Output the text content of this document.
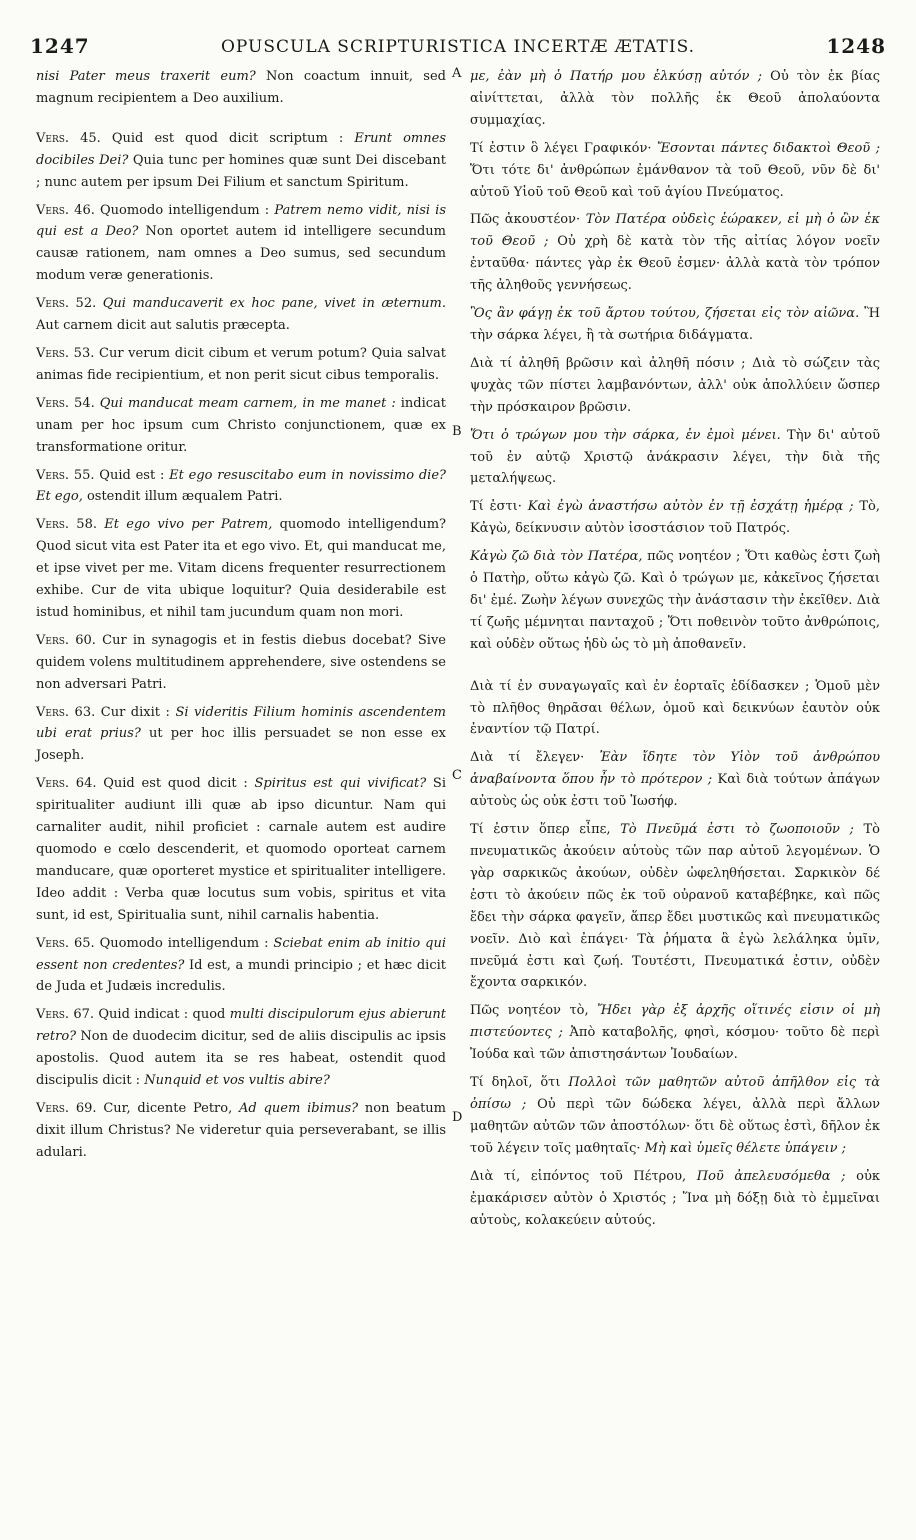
1247	OPUSCULA SCRIPTURISTICA INCERTÆ ÆTATIS.	1248
A
B
C
D

nisi Pater meus traxerit eum? Non coactum innuit, sed magnum recipientem a Deo auxilium.

Vers. 45. Quid est quod dicit scriptum : Erunt omnes docibiles Dei? Quia tunc per homines quæ sunt Dei discebant ; nunc autem per ipsum Dei Filium et sanctum Spiritum.

Vers. 46. Quomodo intelligendum : Patrem nemo vidit, nisi is qui est a Deo? Non oportet autem id intelligere secundum causæ rationem, nam omnes a Deo sumus, sed secundum modum veræ generationis.

Vers. 52. Qui manducaverit ex hoc pane, vivet in æternum. Aut carnem dicit aut salutis præcepta.

Vers. 53. Cur verum dicit cibum et verum potum? Quia salvat animas fide recipientium, et non perit sicut cibus temporalis.

Vers. 54. Qui manducat meam carnem, in me manet : indicat unam per hoc ipsum cum Christo conjunctionem, quæ ex transformatione oritur.

Vers. 55. Quid est : Et ego resuscitabo eum in novissimo die? Et ego, ostendit illum æqualem Patri.

Vers. 58. Et ego vivo per Patrem, quomodo intelligendum? Quod sicut vita est Pater ita et ego vivo. Et, qui manducat me, et ipse vivet per me. Vitam dicens frequenter resurrectionem exhibe. Cur de vita ubique loquitur? Quia desiderabile est istud hominibus, et nihil tam jucundum quam non mori.

Vers. 60. Cur in synagogis et in festis diebus docebat? Sive quidem volens multitudinem apprehendere, sive ostendens se non adversari Patri.

Vers. 63. Cur dixit : Si videritis Filium hominis ascendentem ubi erat prius? ut per hoc illis persuadet se non esse ex Joseph.

Vers. 64. Quid est quod dicit : Spiritus est qui vivificat? Si spiritualiter audiunt illi quæ ab ipso dicuntur. Nam qui carnaliter audit, nihil proficiet : carnale autem est audire quomodo e cœlo descenderit, et quomodo oporteat carnem manducare, quæ oporteret mystice et spiritualiter intelligere. Ideo addit : Verba quæ locutus sum vobis, spiritus et vita sunt, id est, Spiritualia sunt, nihil carnalis habentia.

Vers. 65. Quomodo intelligendum : Sciebat enim ab initio qui essent non credentes? Id est, a mundi principio ; et hæc dicit de Juda et Judæis incredulis.

Vers. 67. Quid indicat : quod multi discipulorum ejus abierunt retro? Non de duodecim dicitur, sed de aliis discipulis ac ipsis apostolis. Quod autem ita se res habeat, ostendit quod discipulis dicit : Nunquid et vos vultis abire?

Vers. 69. Cur, dicente Petro, Ad quem ibimus? non beatum dixit illum Christus? Ne videretur quia perseverabant, se illis adulari.

με, ἐὰν μὴ ὁ Πατήρ μου ἑλκύσῃ αὐτόν ; Οὐ τὸν ἐκ βίας αἰνίττεται, ἀλλὰ τὸν πολλῆς ἐκ Θεοῦ ἀπολαύοντα συμμαχίας.

Τί ἐστιν ὃ λέγει Γραφικόν· Ἔσονται πάντες διδακτοὶ Θεοῦ ; Ὅτι τότε δι' ἀνθρώπων ἐμάνθανον τὰ τοῦ Θεοῦ, νῦν δὲ δι' αὐτοῦ Υἱοῦ τοῦ Θεοῦ καὶ τοῦ ἁγίου Πνεύματος.

Πῶς ἀκουστέον· Τὸν Πατέρα οὐδεὶς ἑώρακεν, εἰ μὴ ὁ ὢν ἐκ τοῦ Θεοῦ ; Οὐ χρὴ δὲ κατὰ τὸν τῆς αἰτίας λόγον νοεῖν ἐνταῦθα· πάντες γὰρ ἐκ Θεοῦ ἐσμεν· ἀλλὰ κατὰ τὸν τρόπον τῆς ἀληθοῦς γεννήσεως.

Ὃς ἂν φάγῃ ἐκ τοῦ ἄρτου τούτου, ζήσεται εἰς τὸν αἰῶνα. Ἢ τὴν σάρκα λέγει, ἢ τὰ σωτήρια διδάγματα.

Διὰ τί ἀληθῆ βρῶσιν καὶ ἀληθῆ πόσιν ; Διὰ τὸ σώζειν τὰς ψυχὰς τῶν πίστει λαμβανόντων, ἀλλ' οὐκ ἀπολλύειν ὥσπερ τὴν πρόσκαιρον βρῶσιν.

Ὅτι ὁ τρώγων μου τὴν σάρκα, ἐν ἐμοὶ μένει. Τὴν δι' αὐτοῦ τοῦ ἐν αὐτῷ Χριστῷ ἀνάκρασιν λέγει, τὴν διὰ τῆς μεταλήψεως.

Τί ἐστι· Καὶ ἐγὼ ἀναστήσω αὐτὸν ἐν τῇ ἐσχάτῃ ἡμέρᾳ ; Τὸ, Κἀγὼ, δείκνυσιν αὐτὸν ἰσοστάσιον τοῦ Πατρός.

Κἀγὼ ζῶ διὰ τὸν Πατέρα, πῶς νοητέον ; Ὅτι καθὼς ἐστι ζωὴ ὁ Πατὴρ, οὕτω κἀγὼ ζῶ. Καὶ ὁ τρώγων με, κἀκεῖνος ζήσεται δι' ἐμέ. Ζωὴν λέγων συνεχῶς τὴν ἀνάστασιν τὴν ἐκεῖθεν. Διὰ τί ζωῆς μέμνηται πανταχοῦ ; Ὅτι ποθεινὸν τοῦτο ἀνθρώποις, καὶ οὐδὲν οὕτως ἡδὺ ὡς τὸ μὴ ἀποθανεῖν.

Διὰ τί ἐν συναγωγαῖς καὶ ἐν ἑορταῖς ἐδίδασκεν ; Ὁμοῦ μὲν τὸ πλῆθος θηρᾶσαι θέλων, ὁμοῦ καὶ δεικνύων ἑαυτὸν οὐκ ἐναντίον τῷ Πατρί.

Διὰ τί ἔλεγεν· Ἐὰν ἴδητε τὸν Υἱὸν τοῦ ἀνθρώπου ἀναβαίνοντα ὅπου ἦν τὸ πρότερον ; Καὶ διὰ τούτων ἀπάγων αὐτοὺς ὡς οὐκ ἐστι τοῦ Ἰωσήφ.

Τί ἐστιν ὅπερ εἶπε, Τὸ Πνεῦμά ἐστι τὸ ζωοποιοῦν ; Τὸ πνευματικῶς ἀκούειν αὐτοὺς τῶν παρ αὐτοῦ λεγομένων. Ὁ γὰρ σαρκικῶς ἀκούων, οὐδὲν ὠφεληθήσεται. Σαρκικὸν δέ ἐστι τὸ ἀκούειν πῶς ἐκ τοῦ οὐρανοῦ καταβέβηκε, καὶ πῶς ἔδει τὴν σάρκα φαγεῖν, ἅπερ ἔδει μυστικῶς καὶ πνευματικῶς νοεῖν. Διὸ καὶ ἐπάγει· Τὰ ῥήματα ἃ ἐγὼ λελάληκα ὑμῖν, πνεῦμά ἐστι καὶ ζωή. Τουτέστι, Πνευματικά ἐστιν, οὐδὲν ἔχοντα σαρκικόν.

Πῶς νοητέον τὸ, Ἤδει γὰρ ἐξ ἀρχῆς οἵτινές εἰσιν οἱ μὴ πιστεύοντες ; Ἀπὸ καταβολῆς, φησὶ, κόσμου· τοῦτο δὲ περὶ Ἰούδα καὶ τῶν ἀπιστησάντων Ἰουδαίων.

Τί δηλοῖ, ὅτι Πολλοὶ τῶν μαθητῶν αὐτοῦ ἀπῆλθον εἰς τὰ ὀπίσω ; Οὐ περὶ τῶν δώδεκα λέγει, ἀλλὰ περὶ ἄλλων μαθητῶν αὐτῶν τῶν ἀποστόλων· ὅτι δὲ οὕτως ἐστὶ, δῆλον ἐκ τοῦ λέγειν τοῖς μαθηταῖς· Μὴ καὶ ὑμεῖς θέλετε ὑπάγειν ;

Διὰ τί, εἰπόντος τοῦ Πέτρου, Ποῦ ἀπελευσόμεθα ; οὐκ ἐμακάρισεν αὐτὸν ὁ Χριστός ; Ἵνα μὴ δόξῃ διὰ τὸ ἐμμεῖναι αὐτοὺς, κολακεύειν αὐτούς.
